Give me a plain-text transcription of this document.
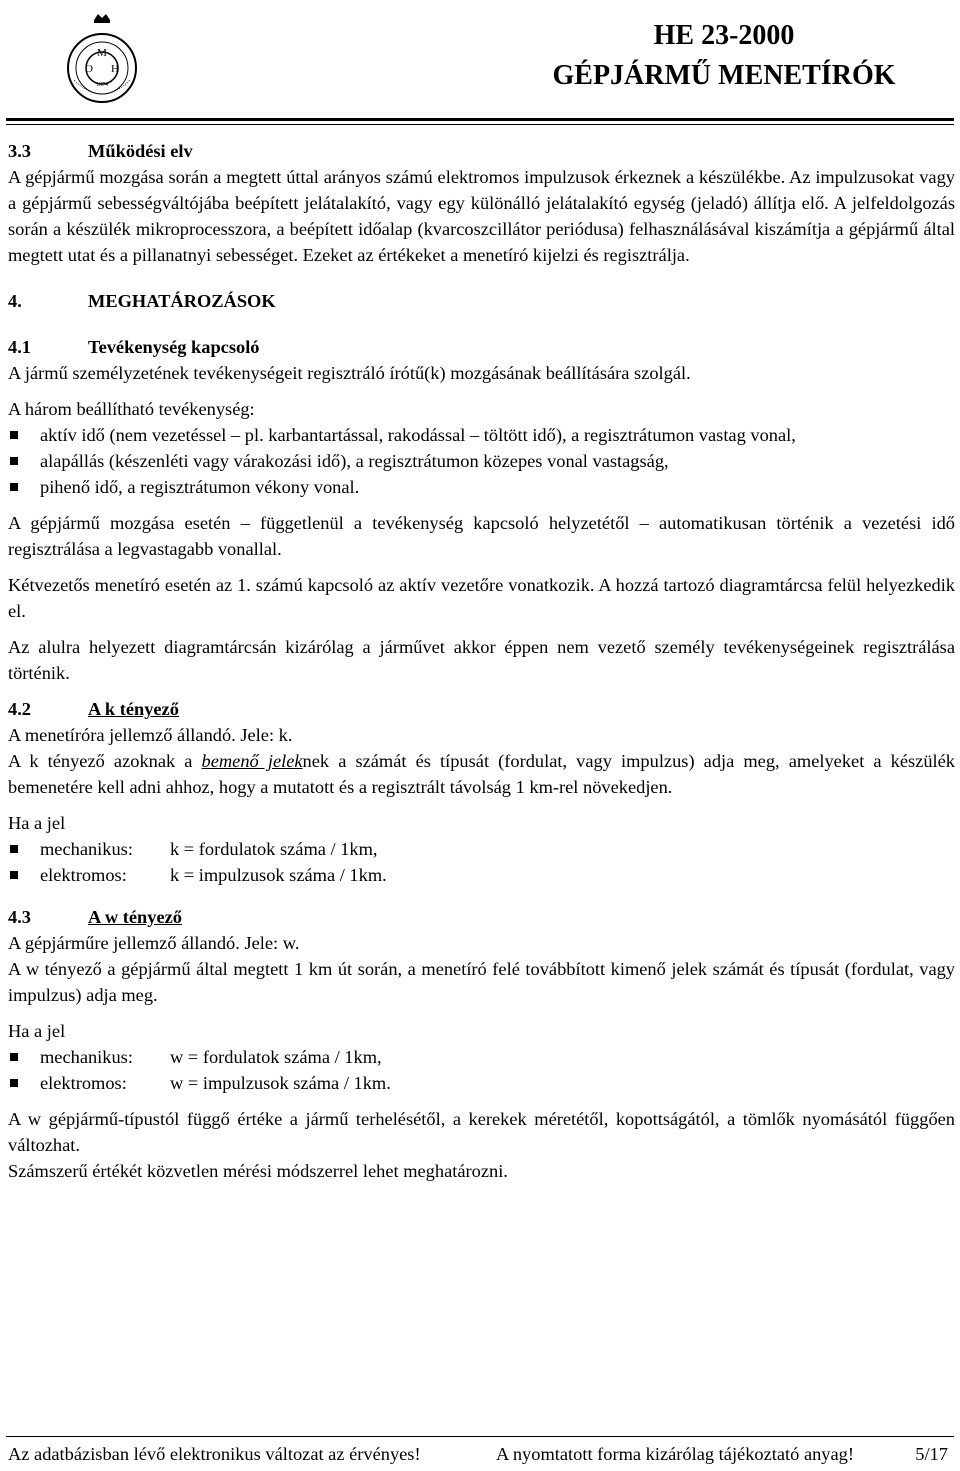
M
O H
1874
HE 23-2000
GÉPJÁRMŰ MENETÍRÓK
3.3	Működési elv

A gépjármű mozgása során a megtett úttal arányos számú elektromos impulzusok érkeznek a készülékbe. Az impulzusokat vagy a gépjármű sebességváltójába beépített jelátalakító, vagy egy különálló jelátalakító egység (jeladó) állítja elő. A jelfeldolgozás során a készülék mikroprocesszora, a beépített időalap (kvarcoszcillátor periódusa) felhasználásával kiszámítja a gépjármű által megtett utat és a pillanatnyi sebességet. Ezeket az értékeket a menetíró kijelzi és regisztrálja.

4.	MEGHATÁROZÁSOK
4.1	Tevékenység kapcsoló

A jármű személyzetének tevékenységeit regisztráló írótű(k) mozgásának beállítására szolgál.

A három beállítható tevékenység:

aktív idő (nem vezetéssel – pl. karbantartással, rakodással – töltött idő), a regisztrátumon vastag vonal,
alapállás (készenléti vagy várakozási idő), a regisztrátumon közepes vonal vastagság,
pihenő idő, a regisztrátumon vékony vonal.

A gépjármű mozgása esetén – függetlenül a tevékenység kapcsoló helyzetétől – automatikusan történik a vezetési idő regisztrálása a legvastagabb vonallal.

Kétvezetős menetíró esetén az 1. számú kapcsoló az aktív vezetőre vonatkozik. A hozzá tartozó diagramtárcsa felül helyezkedik el.

Az alulra helyezett diagramtárcsán kizárólag a járművet akkor éppen nem vezető személy tevékenységeinek regisztrálása történik.

4.2	A k tényező

A menetíróra jellemző állandó. Jele: k.

A k tényező azoknak a bemenő jeleknek a számát és típusát (fordulat, vagy impulzus) adja meg, amelyeket a készülék bemenetére kell adni ahhoz, hogy a mutatott és a regisztrált távolság 1 km-rel növekedjen.

Ha a jel

mechanikus: k = fordulatok száma / 1km,
elektromos: k = impulzusok száma / 1km.
4.3	A w tényező

A gépjárműre jellemző állandó. Jele: w.

A w tényező a gépjármű által megtett 1 km út során, a menetíró felé továbbított kimenő jelek számát és típusát (fordulat, vagy impulzus) adja meg.

Ha a jel

mechanikus: w = fordulatok száma / 1km,
elektromos: w = impulzusok száma / 1km.

A w gépjármű-típustól függő értéke a jármű terhelésétől, a kerekek méretétől, kopottságától, a tömlők nyomásától függően változhat.

Számszerű értékét közvetlen mérési módszerrel lehet meghatározni.

Az adatbázisban lévő elektronikus változat az érvényes!	A nyomtatott forma kizárólag tájékoztató anyag!	5/17
